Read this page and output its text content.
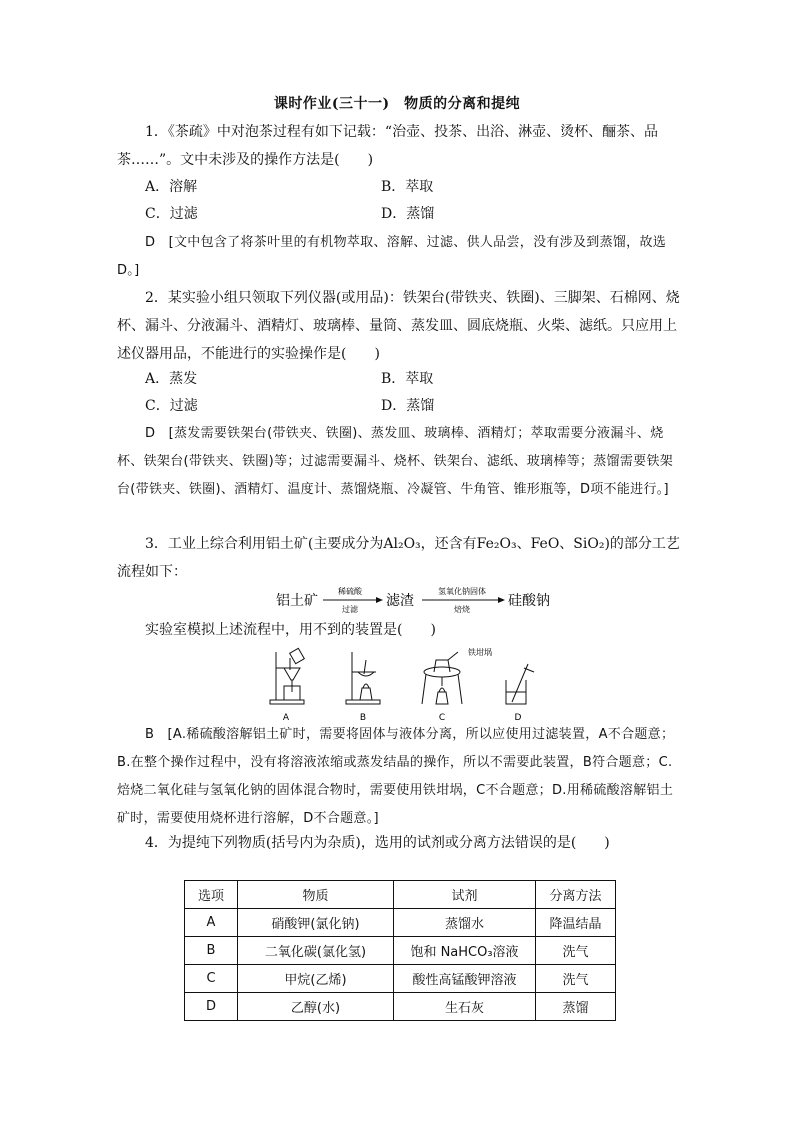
课时作业(三十一)　物质的分离和提纯
1．《茶疏》中对泡茶过程有如下记载：“治壶、投茶、出浴、淋壶、烫杯、酾茶、品茶……”。文中未涉及的操作方法是(　　)
A．溶解	B．萃取
C．过滤	D．蒸馏
D　[文中包含了将茶叶里的有机物萃取、溶解、过滤、供人品尝，没有涉及到蒸馏，故选D。]
2．某实验小组只领取下列仪器(或用品)：铁架台(带铁夹、铁圈)、三脚架、石棉网、烧杯、漏斗、分液漏斗、酒精灯、玻璃棒、量筒、蒸发皿、圆底烧瓶、火柴、滤纸。只应用上述仪器用品，不能进行的实验操作是(　　)
A．蒸发	B．萃取
C．过滤	D．蒸馏
D　[蒸发需要铁架台(带铁夹、铁圈)、蒸发皿、玻璃棒、酒精灯；萃取需要分液漏斗、烧杯、铁架台(带铁夹、铁圈)等；过滤需要漏斗、烧杯、铁架台、滤纸、玻璃棒等；蒸馏需要铁架台(带铁夹、铁圈)、酒精灯、温度计、蒸馏烧瓶、冷凝管、牛角管、锥形瓶等，D项不能进行。]
3．工业上综合利用铝土矿(主要成分为Al₂O₃，还含有Fe₂O₃、FeO、SiO₂)的部分工艺流程如下：
铝土矿
稀硫酸
过滤
滤渣
氢氧化钠固体
焙烧
硅酸钠
实验室模拟上述流程中，用不到的装置是(　　)
A	B
铁坩埚
C	D
B　[A.稀硫酸溶解铝土矿时，需要将固体与液体分离，所以应使用过滤装置，A不合题意；B.在整个操作过程中，没有将溶液浓缩或蒸发结晶的操作，所以不需要此装置，B符合题意；C.焙烧二氧化硅与氢氧化钠的固体混合物时，需要使用铁坩埚，C不合题意；D.用稀硫酸溶解铝土矿时，需要使用烧杯进行溶解，D不合题意。]
4．为提纯下列物质(括号内为杂质)，选用的试剂或分离方法错误的是(　　)
选项	物质	试剂	分离方法
A	硝酸钾(氯化钠)	蒸馏水	降温结晶
B	二氧化碳(氯化氢)	饱和 NaHCO₃溶液	洗气
C	甲烷(乙烯)	酸性高锰酸钾溶液	洗气
D	乙醇(水)	生石灰	蒸馏
